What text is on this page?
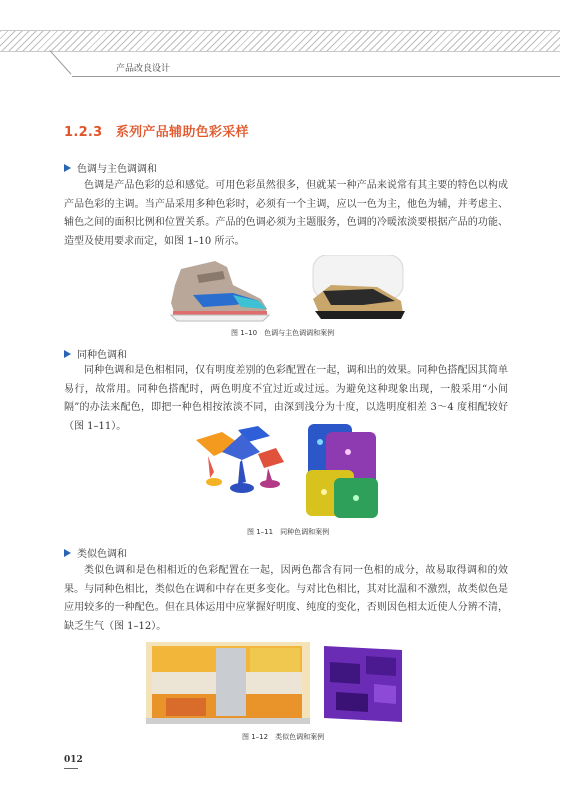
产品改良设计
1.2.3　系列产品辅助色彩采样
色调与主色调调和

色调是产品色彩的总和感觉。可用色彩虽然很多，但就某一种产品来说常有其主要的特色以构成产品色彩的主调。当产品采用多种色彩时，必须有一个主调，应以一色为主，他色为辅，并考虑主、辅色之间的面积比例和位置关系。产品的色调必须为主题服务，色调的冷暖浓淡要根据产品的功能、造型及使用要求而定，如图 1–10 所示。

图 1–10　色调与主色调调和案例
同种色调和

同种色调和是色相相同，仅有明度差别的色彩配置在一起，调和出的效果。同种色搭配因其简单易行，故常用。同种色搭配时，两色明度不宜过近或过远。为避免这种现象出现，一般采用“小间隔”的办法来配色，即把一种色相按浓淡不同，由深到浅分为十度，以选明度相差 3～4 度相配较好（图 1–11）。

图 1–11　同种色调和案例
类似色调和

类似色调和是色相相近的色彩配置在一起，因两色都含有同一色相的成分，故易取得调和的效果。与同种色相比，类似色在调和中存在更多变化。与对比色相比，其对比温和不激烈，故类似色是应用较多的一种配色。但在具体运用中应掌握好明度、纯度的变化，否则因色相太近使人分辨不清，缺乏生气（图 1–12）。

图 1–12　类似色调和案例
012
